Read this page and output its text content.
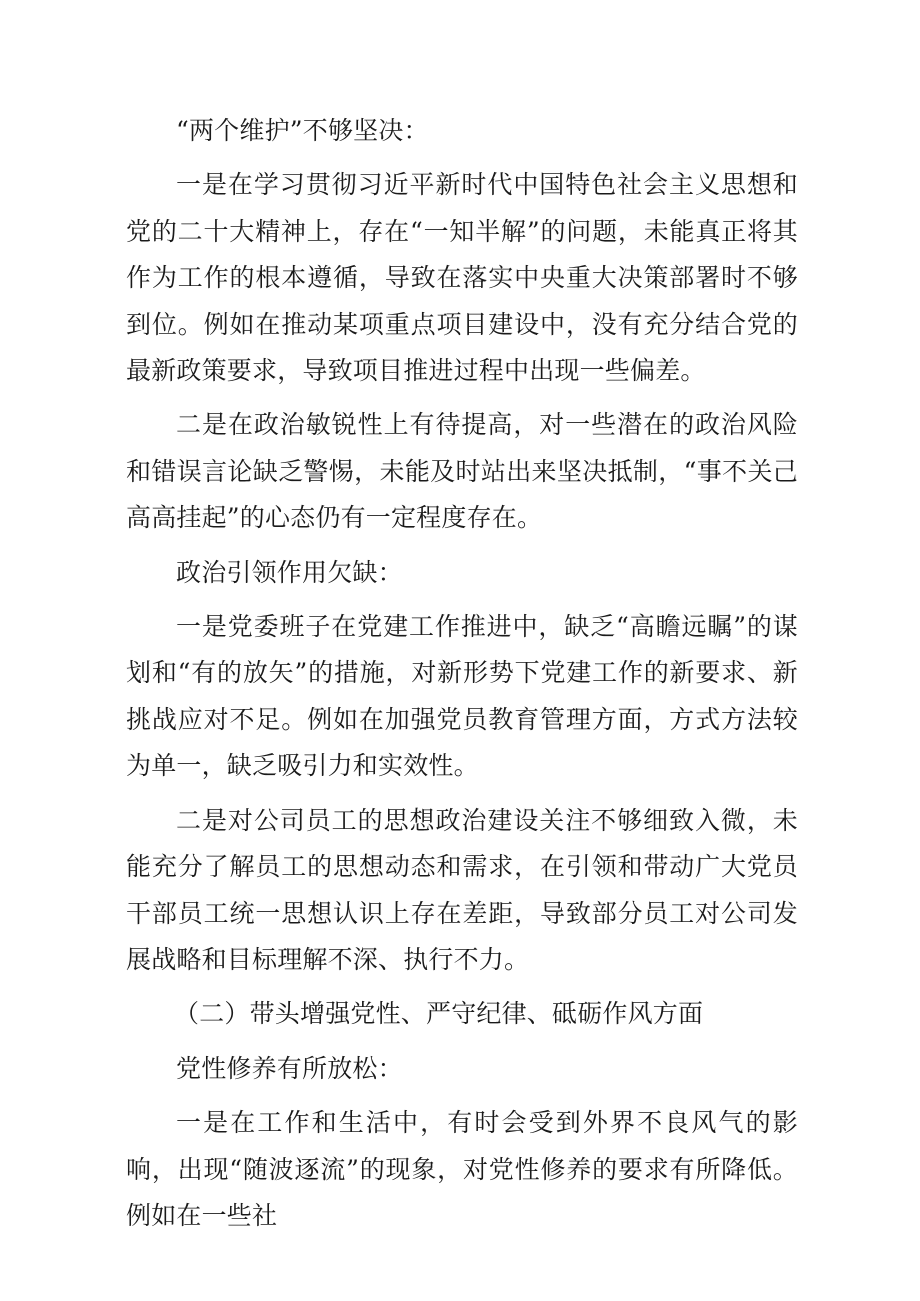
“两个维护”不够坚决：

一是在学习贯彻习近平新时代中国特色社会主义思想和党的二十大精神上，存在“一知半解”的问题，未能真正将其作为工作的根本遵循，导致在落实中央重大决策部署时不够到位。例如在推动某项重点项目建设中，没有充分结合党的最新政策要求，导致项目推进过程中出现一些偏差。

二是在政治敏锐性上有待提高，对一些潜在的政治风险和错误言论缺乏警惕，未能及时站出来坚决抵制，“事不关己高高挂起”的心态仍有一定程度存在。

政治引领作用欠缺：

一是党委班子在党建工作推进中，缺乏“高瞻远瞩”的谋划和“有的放矢”的措施，对新形势下党建工作的新要求、新挑战应对不足。例如在加强党员教育管理方面，方式方法较为单一，缺乏吸引力和实效性。

二是对公司员工的思想政治建设关注不够细致入微，未能充分了解员工的思想动态和需求，在引领和带动广大党员干部员工统一思想认识上存在差距，导致部分员工对公司发展战略和目标理解不深、执行不力。

（二）带头增强党性、严守纪律、砥砺作风方面

党性修养有所放松：

一是在工作和生活中，有时会受到外界不良风气的影响，出现“随波逐流”的现象，对党性修养的要求有所降低。例如在一些社
